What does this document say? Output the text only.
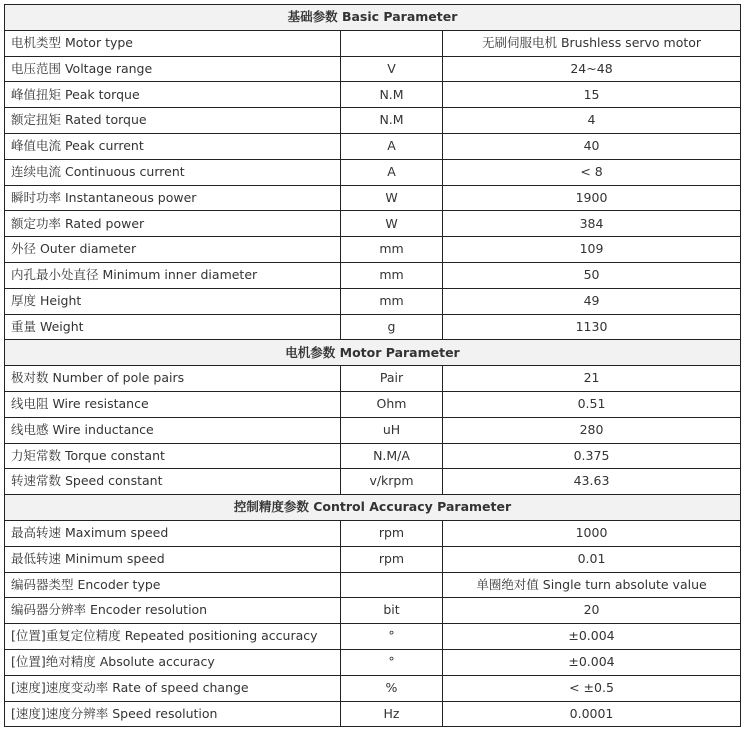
基础参数 Basic Parameter		
电机类型 Motor type		无刷伺服电机 Brushless servo motor
电压范围 Voltage range	V	24~48
峰值扭矩 Peak torque	N.M	15
额定扭矩 Rated torque	N.M	4
峰值电流 Peak current	A	40
连续电流 Continuous current	A	< 8
瞬时功率 Instantaneous power	W	1900
额定功率 Rated power	W	384
外径 Outer diameter	mm	109
内孔最小处直径 Minimum inner diameter	mm	50
厚度 Height	mm	49
重量 Weight	g	1130
电机参数 Motor Parameter		
极对数 Number of pole pairs	Pair	21
线电阻 Wire resistance	Ohm	0.51
线电感 Wire inductance	uH	280
力矩常数 Torque constant	N.M/A	0.375
转速常数 Speed constant	v/krpm	43.63
控制精度参数 Control Accuracy Parameter		
最高转速 Maximum speed	rpm	1000
最低转速 Minimum speed	rpm	0.01
编码器类型 Encoder type		单圈绝对值 Single turn absolute value
编码器分辨率 Encoder resolution	bit	20
[位置]重复定位精度 Repeated positioning accuracy	°	±0.004
[位置]绝对精度 Absolute accuracy	°	±0.004
[速度]速度变动率 Rate of speed change	%	< ±0.5
[速度]速度分辨率 Speed resolution	Hz	0.0001
